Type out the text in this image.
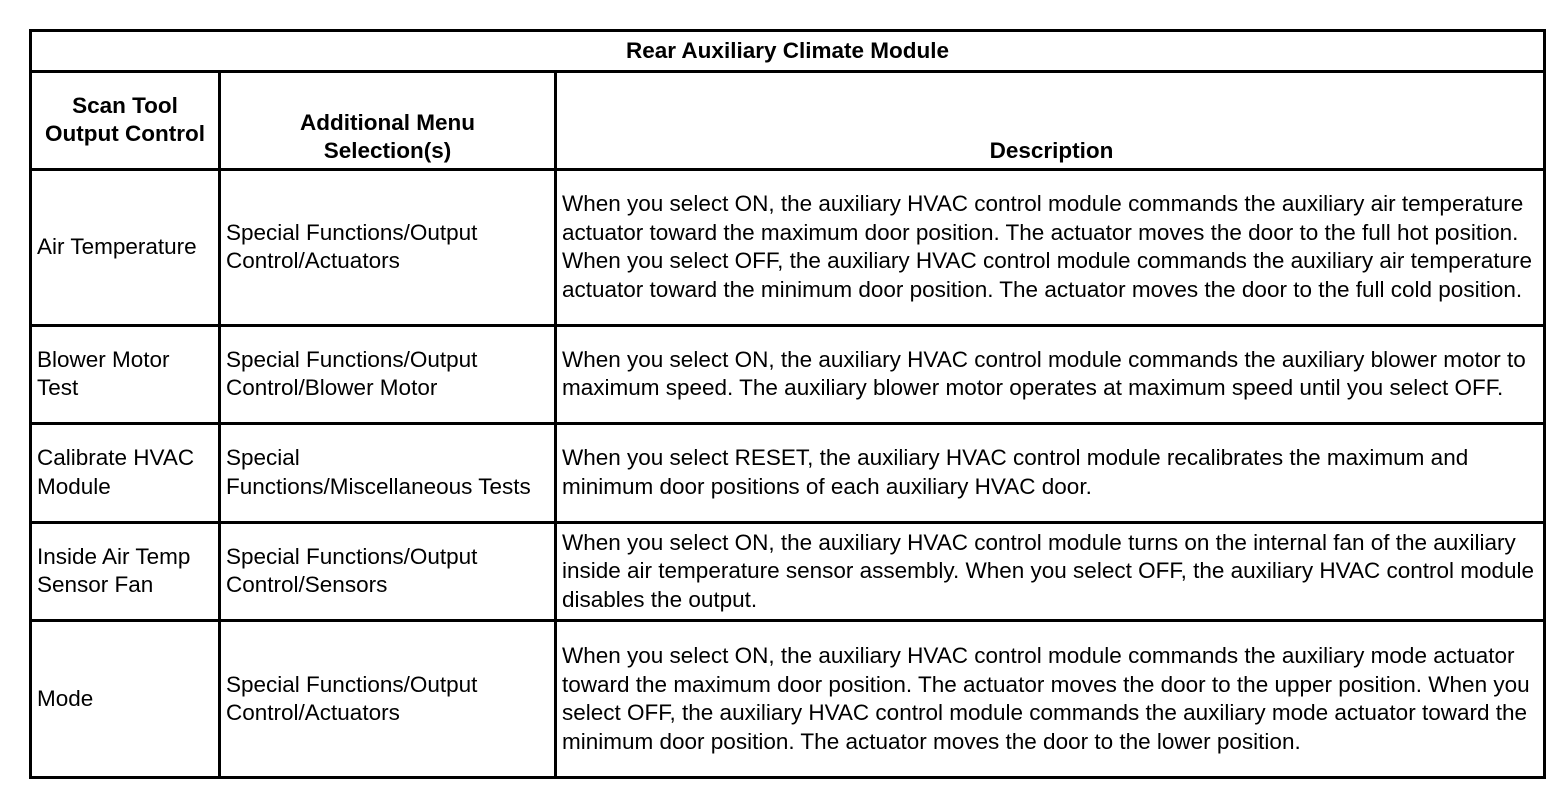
Rear Auxiliary Climate Module		
Scan Tool Output Control	Additional Menu Selection(s)	Description
Air Temperature	Special Functions/Output Control/Actuators	When you select ON, the auxiliary HVAC control module commands the auxiliary air temperature actuator toward the maximum door position. The actuator moves the door to the full hot position. When you select OFF, the auxiliary HVAC control module commands the auxiliary air temperature actuator toward the minimum door position. The actuator moves the door to the full cold position.
Blower Motor Test	Special Functions/Output Control/Blower Motor	When you select ON, the auxiliary HVAC control module commands the auxiliary blower motor to maximum speed. The auxiliary blower motor operates at maximum speed until you select OFF.
Calibrate HVAC Module	Special Functions/Miscellaneous Tests	When you select RESET, the auxiliary HVAC control module recalibrates the maximum and minimum door positions of each auxiliary HVAC door.
Inside Air Temp Sensor Fan	Special Functions/Output Control/Sensors	When you select ON, the auxiliary HVAC control module turns on the internal fan of the auxiliary inside air temperature sensor assembly. When you select OFF, the auxiliary HVAC control module disables the output.
Mode	Special Functions/Output Control/Actuators	When you select ON, the auxiliary HVAC control module commands the auxiliary mode actuator toward the maximum door position. The actuator moves the door to the upper position. When you select OFF, the auxiliary HVAC control module commands the auxiliary mode actuator toward the minimum door position. The actuator moves the door to the lower position.
